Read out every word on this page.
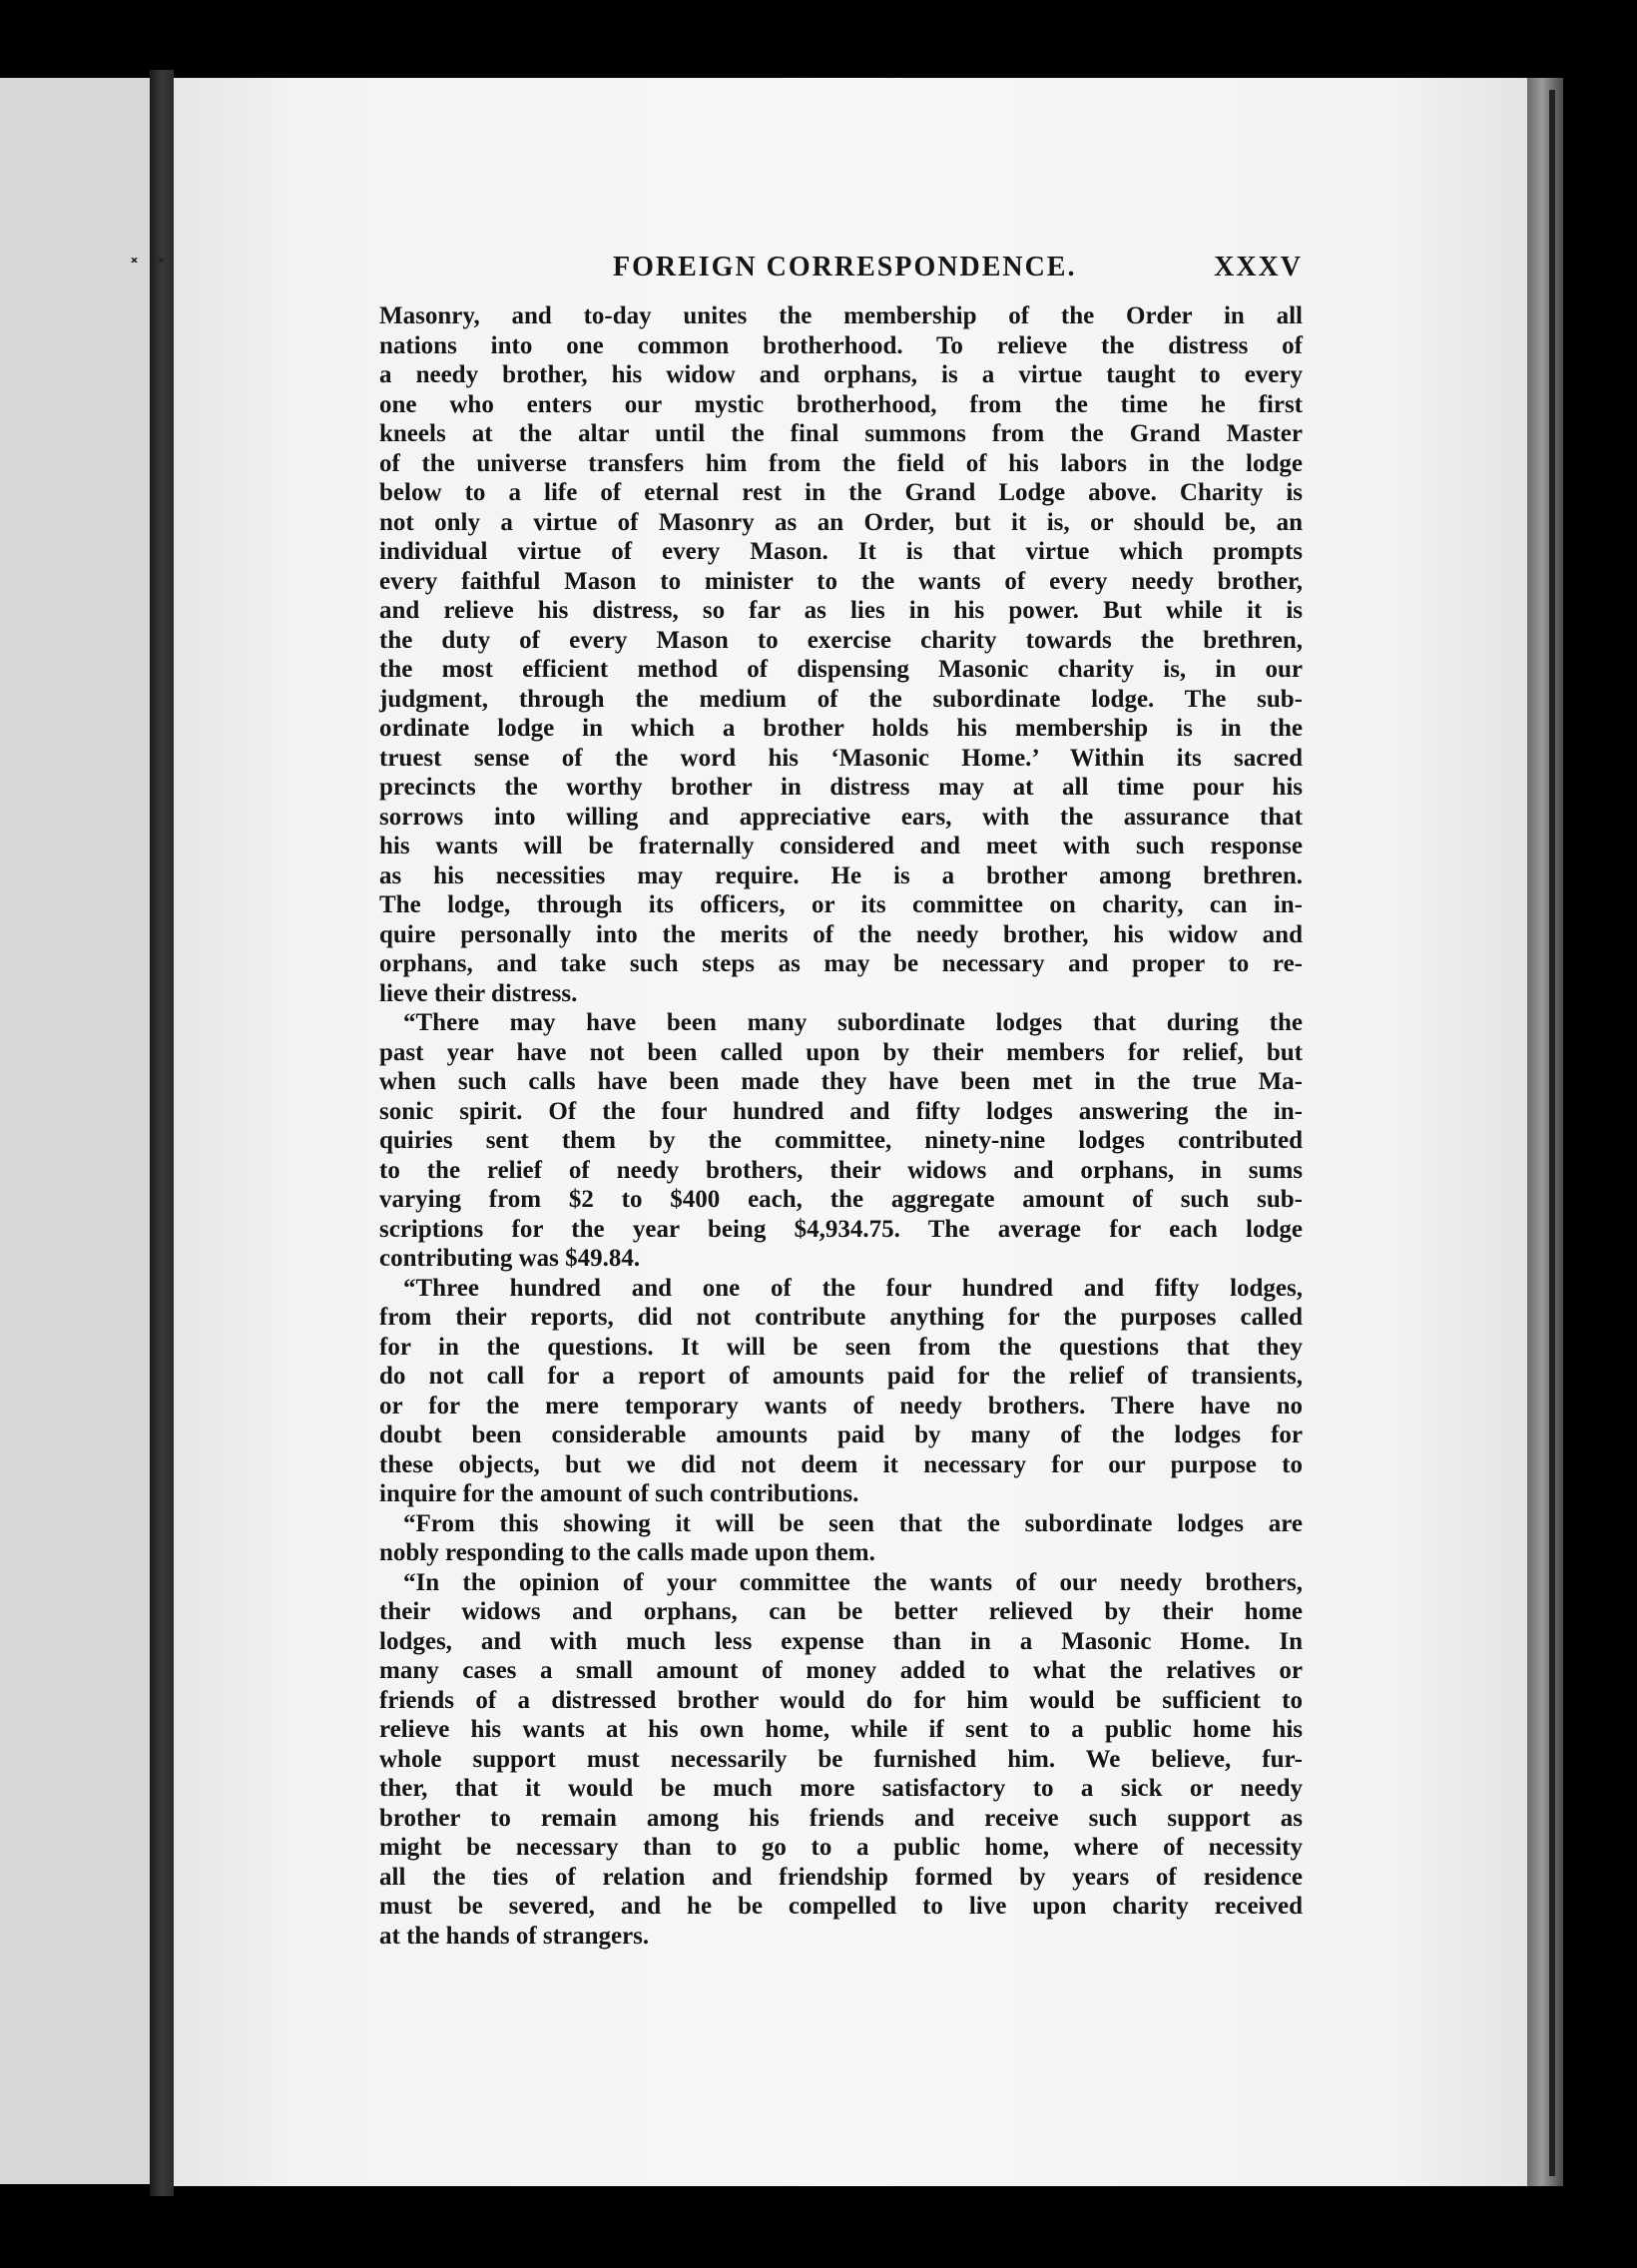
˟˟	FOREIGN CORRESPONDENCE.	XXXV
Masonry, and to-day unites the membership of the Order in all
nations into one common brotherhood. To relieve the distress of
a needy brother, his widow and orphans, is a virtue taught to every
one who enters our mystic brotherhood, from the time he first
kneels at the altar until the final summons from the Grand Master
of the universe transfers him from the field of his labors in the lodge
below to a life of eternal rest in the Grand Lodge above. Charity is
not only a virtue of Masonry as an Order, but it is, or should be, an
individual virtue of every Mason. It is that virtue which prompts
every faithful Mason to minister to the wants of every needy brother,
and relieve his distress, so far as lies in his power. But while it is
the duty of every Mason to exercise charity towards the brethren,
the most efficient method of dispensing Masonic charity is, in our
judgment, through the medium of the subordinate lodge. The sub-
ordinate lodge in which a brother holds his membership is in the
truest sense of the word his ‘Masonic Home.’ Within its sacred
precincts the worthy brother in distress may at all time pour his
sorrows into willing and appreciative ears, with the assurance that
his wants will be fraternally considered and meet with such response
as his necessities may require. He is a brother among brethren.
The lodge, through its officers, or its committee on charity, can in-
quire personally into the merits of the needy brother, his widow and
orphans, and take such steps as may be necessary and proper to re-
lieve their distress.
“There may have been many subordinate lodges that during the
past year have not been called upon by their members for relief, but
when such calls have been made they have been met in the true Ma-
sonic spirit. Of the four hundred and fifty lodges answering the in-
quiries sent them by the committee, ninety-nine lodges contributed
to the relief of needy brothers, their widows and orphans, in sums
varying from $2 to $400 each, the aggregate amount of such sub-
scriptions for the year being $4,934.75. The average for each lodge
contributing was $49.84.
“Three hundred and one of the four hundred and fifty lodges,
from their reports, did not contribute anything for the purposes called
for in the questions. It will be seen from the questions that they
do not call for a report of amounts paid for the relief of transients,
or for the mere temporary wants of needy brothers. There have no
doubt been considerable amounts paid by many of the lodges for
these objects, but we did not deem it necessary for our purpose to
inquire for the amount of such contributions.
“From this showing it will be seen that the subordinate lodges are
nobly responding to the calls made upon them.
“In the opinion of your committee the wants of our needy brothers,
their widows and orphans, can be better relieved by their home
lodges, and with much less expense than in a Masonic Home. In
many cases a small amount of money added to what the relatives or
friends of a distressed brother would do for him would be sufficient to
relieve his wants at his own home, while if sent to a public home his
whole support must necessarily be furnished him. We believe, fur-
ther, that it would be much more satisfactory to a sick or needy
brother to remain among his friends and receive such support as
might be necessary than to go to a public home, where of necessity
all the ties of relation and friendship formed by years of residence
must be severed, and he be compelled to live upon charity received
at the hands of strangers.
